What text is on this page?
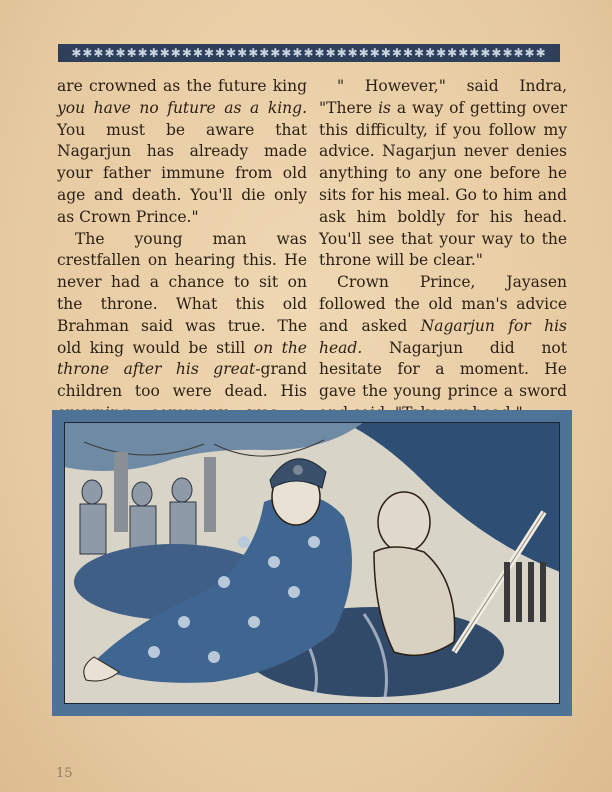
✱✱✱✱✱✱✱✱✱✱✱✱✱✱✱✱✱✱✱✱✱✱✱✱✱✱✱✱✱✱✱✱✱✱✱✱✱✱✱✱✱✱✱

are crowned as the future king you have no future as a king. You must be aware that Nagarjun has already made your father immune from old age and death. You'll die only as Crown Prince."

The young man was crestfallen on hearing this. He never had a chance to sit on the throne. What this old Brahman said was true. The old king would be still on the throne after his great-grand children too were dead. His

" However," said Indra, "There is a way of getting over this difficulty, if you follow my advice. Nagarjun never denies anything to any one before he sits for his meal. Go to him and ask him boldly for his head. You'll see that your way to the throne will be clear."

Crown Prince, Jayasen followed the old man's advice and asked Nagarjun for his head. Nagarjun did not hesitate for a moment. He gave the young prince a sword

15
